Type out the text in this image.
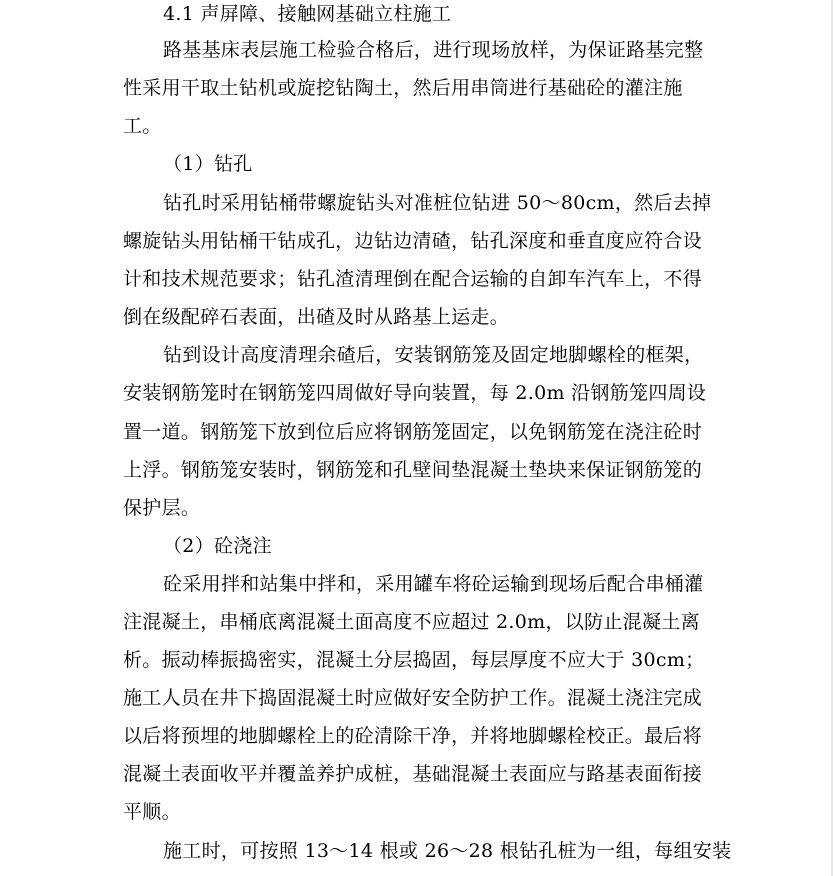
4.1 声屏障、接触网基础立柱施工
路基基床表层施工检验合格后，进行现场放样，为保证路基完整
性采用干取土钻机或旋挖钻陶土，然后用串筒进行基础砼的灌注施
工。
（1）钻孔
钻孔时采用钻桶带螺旋钻头对准桩位钻进 50～80cm，然后去掉
螺旋钻头用钻桶干钻成孔，边钻边清碴，钻孔深度和垂直度应符合设
计和技术规范要求；钻孔渣清理倒在配合运输的自卸车汽车上，不得
倒在级配碎石表面，出碴及时从路基上运走。
钻到设计高度清理余碴后，安装钢筋笼及固定地脚螺栓的框架，
安装钢筋笼时在钢筋笼四周做好导向装置，每 2.0m 沿钢筋笼四周设
置一道。钢筋笼下放到位后应将钢筋笼固定，以免钢筋笼在浇注砼时
上浮。钢筋笼安装时，钢筋笼和孔壁间垫混凝土垫块来保证钢筋笼的
保护层。
（2）砼浇注
砼采用拌和站集中拌和，采用罐车将砼运输到现场后配合串桶灌
注混凝土，串桶底离混凝土面高度不应超过 2.0m，以防止混凝土离
析。振动棒振捣密实，混凝土分层捣固，每层厚度不应大于 30cm；
施工人员在井下捣固混凝土时应做好安全防护工作。混凝土浇注完成
以后将预埋的地脚螺栓上的砼清除干净，并将地脚螺栓校正。最后将
混凝土表面收平并覆盖养护成桩，基础混凝土表面应与路基表面衔接
平顺。
施工时，可按照 13～14 根或 26～28 根钻孔桩为一组，每组安装
